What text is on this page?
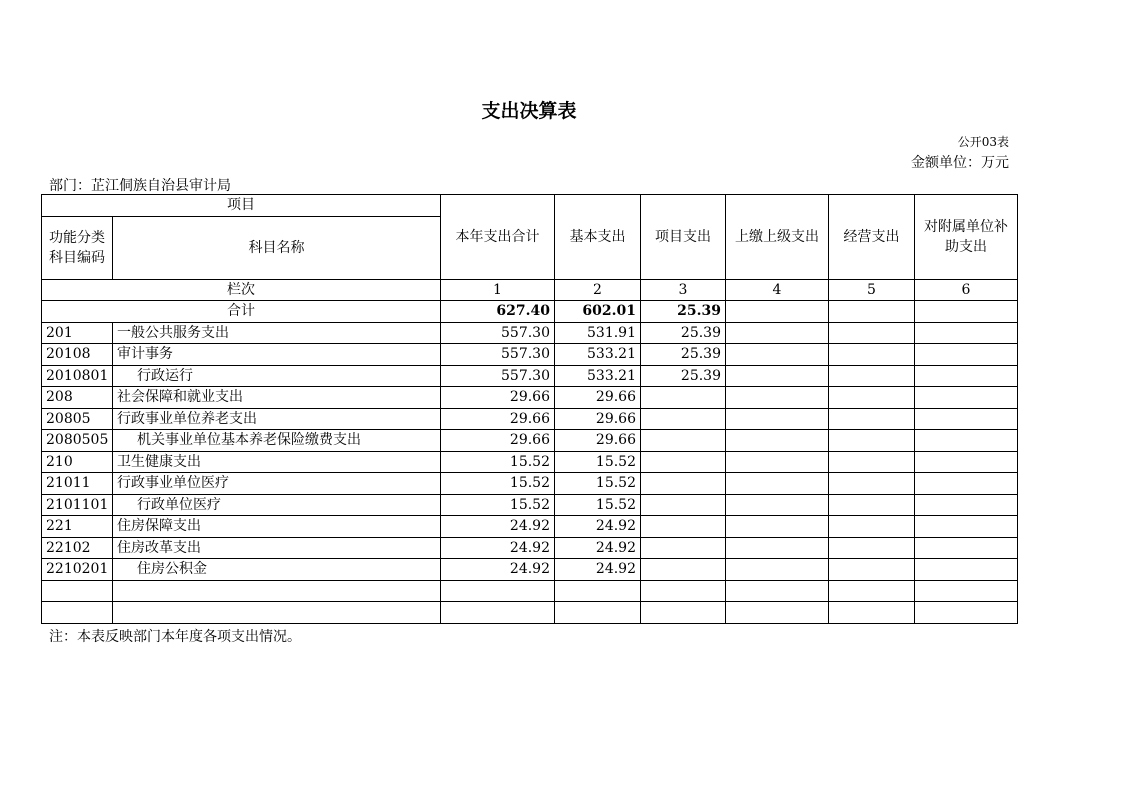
支出决算表
公开03表
金额单位：万元
部门：芷江侗族自治县审计局
项目		本年支出合计	基本支出	项目支出	上缴上级支出	经营支出	对附属单位补助支出
功能分类科目编码	科目名称						
栏次		1	2	3	4	5	6
合计		627.40	602.01	25.39			
201	一般公共服务支出	557.30	531.91	25.39			
20108	审计事务	557.30	533.21	25.39			
2010801	行政运行	557.30	533.21	25.39			
208	社会保障和就业支出	29.66	29.66				
20805	行政事业单位养老支出	29.66	29.66				
2080505	机关事业单位基本养老保险缴费支出	29.66	29.66				
210	卫生健康支出	15.52	15.52				
21011	行政事业单位医疗	15.52	15.52				
2101101	行政单位医疗	15.52	15.52				
221	住房保障支出	24.92	24.92				
22102	住房改革支出	24.92	24.92				
2210201	住房公积金	24.92	24.92				

注：本表反映部门本年度各项支出情况。
